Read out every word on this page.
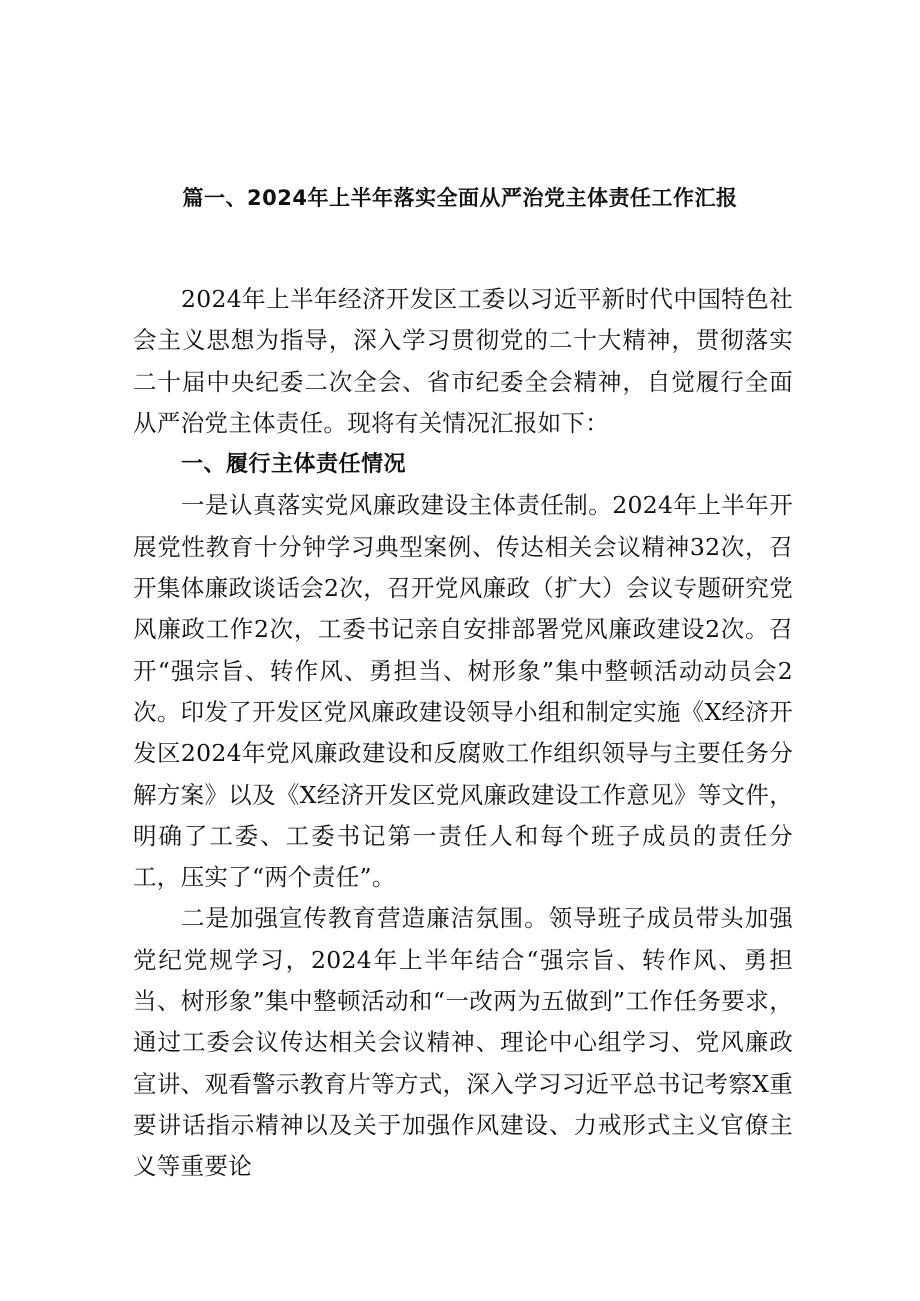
篇一、2024年上半年落实全面从严治党主体责任工作汇报

2024年上半年经济开发区工委以习近平新时代中国特色社会主义思想为指导，深入学习贯彻党的二十大精神，贯彻落实二十届中央纪委二次全会、省市纪委全会精神，自觉履行全面从严治党主体责任。现将有关情况汇报如下：

一、履行主体责任情况

一是认真落实党风廉政建设主体责任制。2024年上半年开展党性教育十分钟学习典型案例、传达相关会议精神32次，召开集体廉政谈话会2次，召开党风廉政（扩大）会议专题研究党风廉政工作2次，工委书记亲自安排部署党风廉政建设2次。召开“强宗旨、转作风、勇担当、树形象”集中整顿活动动员会2次。印发了开发区党风廉政建设领导小组和制定实施《X经济开发区2024年党风廉政建设和反腐败工作组织领导与主要任务分解方案》以及《X经济开发区党风廉政建设工作意见》等文件，明确了工委、工委书记第一责任人和每个班子成员的责任分工，压实了“两个责任”。

二是加强宣传教育营造廉洁氛围。领导班子成员带头加强党纪党规学习，2024年上半年结合“强宗旨、转作风、勇担当、树形象”集中整顿活动和“一改两为五做到”工作任务要求，通过工委会议传达相关会议精神、理论中心组学习、党风廉政宣讲、观看警示教育片等方式，深入学习习近平总书记考察X重要讲话指示精神以及关于加强作风建设、力戒形式主义官僚主义等重要论
